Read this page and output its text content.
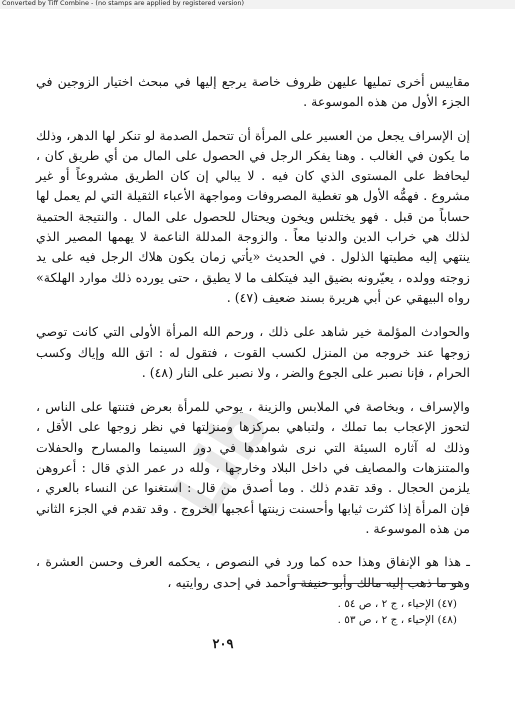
Converted by Tiff Combine - (no stamps are applied by registered version)
Lib

مقاييس أخرى تمليها عليهن ظروف خاصة يرجع إليها في مبحث اختيار الزوجين في الجزء الأول من هذه الموسوعة .

إن الإسراف يجعل من العسير على المرأة أن تتحمل الصدمة لو تنكر لها الدهر، وذلك ما يكون في الغالب . وهنا يفكر الرجل في الحصول على المال من أي طريق كان ، ليحافظ على المستوى الذي كان فيه . لا يبالي إن كان الطريق مشروعاً أو غير مشروع . فهمُّه الأول هو تغطية المصروفات ومواجهة الأعباء الثقيلة التي لم يعمل لها حساباً من قبل . فهو يختلس ويخون ويحتال للحصول على المال . والنتيجة الحتمية لذلك هي خراب الدين والدنيا معاً . والزوجة المدللة الناعمة لا يهمها المصير الذي ينتهي إليه مطيتها الذلول . في الحديث «يأتي زمان يكون هلاك الرجل فيه على يد زوجته وولده ، يعيّرونه بضيق اليد فيتكلف ما لا يطيق ، حتى يورده ذلك موارد الهلكة» رواه البيهقي عن أبي هريرة بسند ضعيف (٤٧) .

والحوادث المؤلمة خير شاهد على ذلك ، ورحم الله المرأة الأولى التي كانت توصي زوجها عند خروجه من المنزل لكسب القوت ، فتقول له : اتق الله وإياك وكسب الحرام ، فإنا نصبر على الجوع والضر ، ولا نصبر على النار (٤٨) .

والإسراف ، وبخاصة في الملابس والزينة ، يوحي للمرأة بعرض فتنتها على الناس ، لتحوز الإعجاب بما تملك ، ولتباهي بمركزها ومنزلتها في نظر زوجها على الأقل ، وذلك له آثاره السيئة التي نرى شواهدها في دور السينما والمسارح والحفلات والمتنزهات والمصايف في داخل البلاد وخارجها ، ولله در عمر الذي قال : أعروهن يلزمن الحجال . وقد تقدم ذلك . وما أصدق من قال : استغنوا عن النساء بالعري ، فإن المرأة إذا كثرت ثيابها وأحسنت زينتها أعجبها الخروج . وقد تقدم في الجزء الثاني من هذه الموسوعة .

ـ هذا هو الإنفاق وهذا حده كما ورد في النصوص ، يحكمه العرف وحسن العشرة ، وهو ما ذهب إليه مالك وأبو حنيفة وأحمد في إحدى روايتيه ،

(٤٧) الإحياء ، ج ٢ ، ص ٥٤ .
(٤٨) الإحياء ، ج ٢ ، ص ٥٣ .
٢٠٩
